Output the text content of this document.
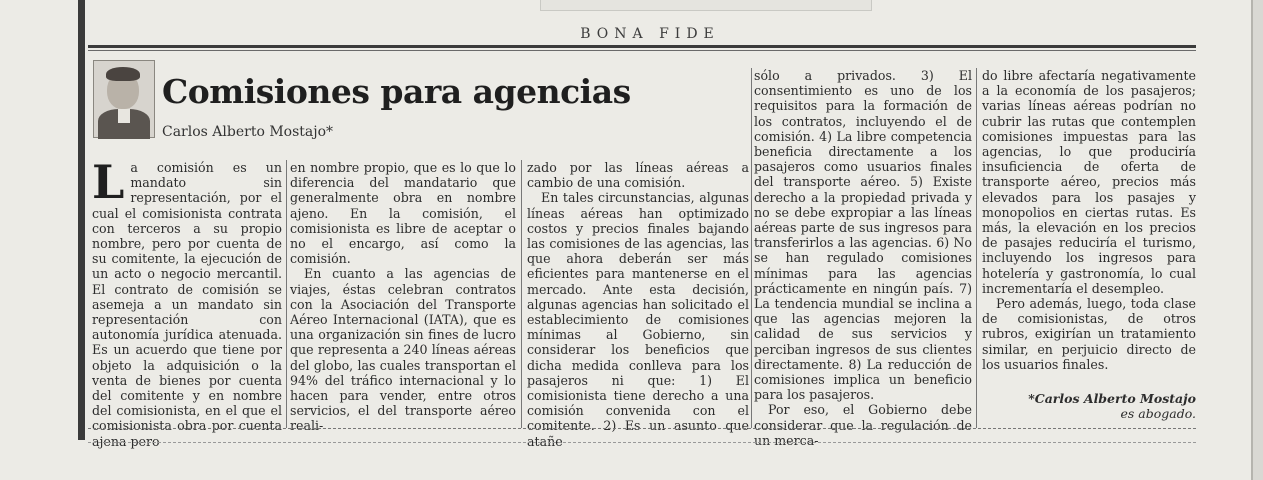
BONA FIDE
Comisiones para agencias
Carlos Alberto Mostajo*

La comisión es un mandato sin representación, por el cual el comisionista contrata con terceros a su propio nombre, pero por cuenta de su comitente, la ejecución de un acto o negocio mercantil. El contrato de comisión se asemeja a un mandato sin representación con autonomía jurídica atenuada. Es un acuerdo que tiene por objeto la adquisición o la venta de bienes por cuenta del comitente y en nombre del comisionista, en el que el comisionista obra por cuenta ajena pero

en nombre propio, que es lo que lo diferencia del mandatario que generalmente obra en nombre ajeno. En la comisión, el comisionista es libre de aceptar o no el encargo, así como la comisión.

En cuanto a las agencias de viajes, éstas celebran contratos con la Asociación del Transporte Aéreo Internacional (IATA), que es una organización sin fines de lucro que representa a 240 líneas aéreas del globo, las cuales transportan el 94% del tráfico internacional y lo hacen para vender, entre otros servicios, el del transporte aéreo reali-

zado por las líneas aéreas a cambio de una comisión.

En tales circunstancias, algunas líneas aéreas han optimizado costos y precios finales bajando las comisiones de las agencias, las que ahora deberán ser más eficientes para mantenerse en el mercado. Ante esta decisión, algunas agencias han solicitado el establecimiento de comisiones mínimas al Gobierno, sin considerar los beneficios que dicha medida conlleva para los pasajeros ni que: 1) El comisionista tiene derecho a una comisión convenida con el comitente. 2) Es un asunto que atañe

sólo a privados. 3) El consentimiento es uno de los requisitos para la formación de los contratos, incluyendo el de comisión. 4) La libre competencia beneficia directamente a los pasajeros como usuarios finales del transporte aéreo. 5) Existe derecho a la propiedad privada y no se debe expropiar a las líneas aéreas parte de sus ingresos para transferirlos a las agencias. 6) No se han regulado comisiones mínimas para las agencias prácticamente en ningún país. 7) La tendencia mundial se inclina a que las agencias mejoren la calidad de sus servicios y perciban ingresos de sus clientes directamente. 8) La reducción de comisiones implica un beneficio para los pasajeros.

Por eso, el Gobierno debe considerar que la regulación de un merca-

do libre afectaría negativamente a la economía de los pasajeros; varias líneas aéreas podrían no cubrir las rutas que contemplen comisiones impuestas para las agencias, lo que produciría insuficiencia de oferta de transporte aéreo, precios más elevados para los pasajes y monopolios en ciertas rutas. Es más, la elevación en los precios de pasajes reduciría el turismo, incluyendo los ingresos para hotelería y gastronomía, lo cual incrementaría el desempleo.

Pero además, luego, toda clase de comisionistas, de otros rubros, exigirían un tratamiento similar, en perjuicio directo de los usuarios finales.

*Carlos Alberto Mostajo
es abogado.
